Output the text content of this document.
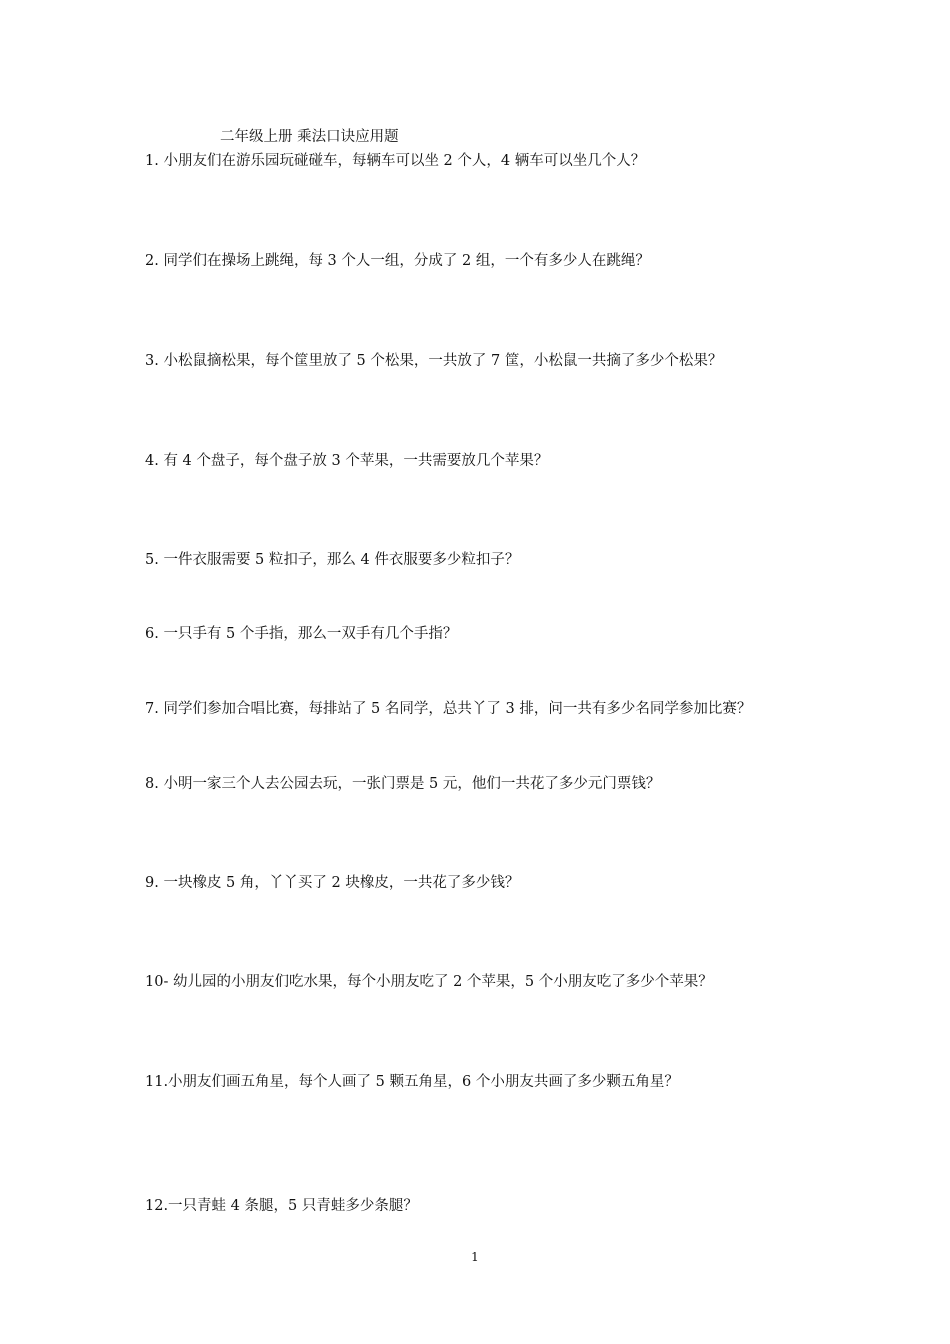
二年级上册 乘法口诀应用题
1. 小朋友们在游乐园玩碰碰车，每辆车可以坐 2 个人，4 辆车可以坐几个人？
2. 同学们在操场上跳绳，每 3 个人一组，分成了 2 组，一个有多少人在跳绳？
3. 小松鼠摘松果，每个筐里放了 5 个松果，一共放了 7 筐，小松鼠一共摘了多少个松果？
4. 有 4 个盘子，每个盘子放 3 个苹果，一共需要放几个苹果？
5. 一件衣服需要 5 粒扣子，那么 4 件衣服要多少粒扣子？
6. 一只手有 5 个手指，那么一双手有几个手指？
7. 同学们参加合唱比赛，每排站了 5 名同学，总共丫了 3 排，问一共有多少名同学参加比赛？
8. 小明一家三个人去公园去玩，一张门票是 5 元，他们一共花了多少元门票钱？
9. 一块橡皮 5 角，丫丫买了 2 块橡皮，一共花了多少钱？
10- 幼儿园的小朋友们吃水果，每个小朋友吃了 2 个苹果，5 个小朋友吃了多少个苹果？
11.小朋友们画五角星，每个人画了 5 颗五角星，6 个小朋友共画了多少颗五角星？
12.一只青蛙 4 条腿，5 只青蛙多少条腿？
1
